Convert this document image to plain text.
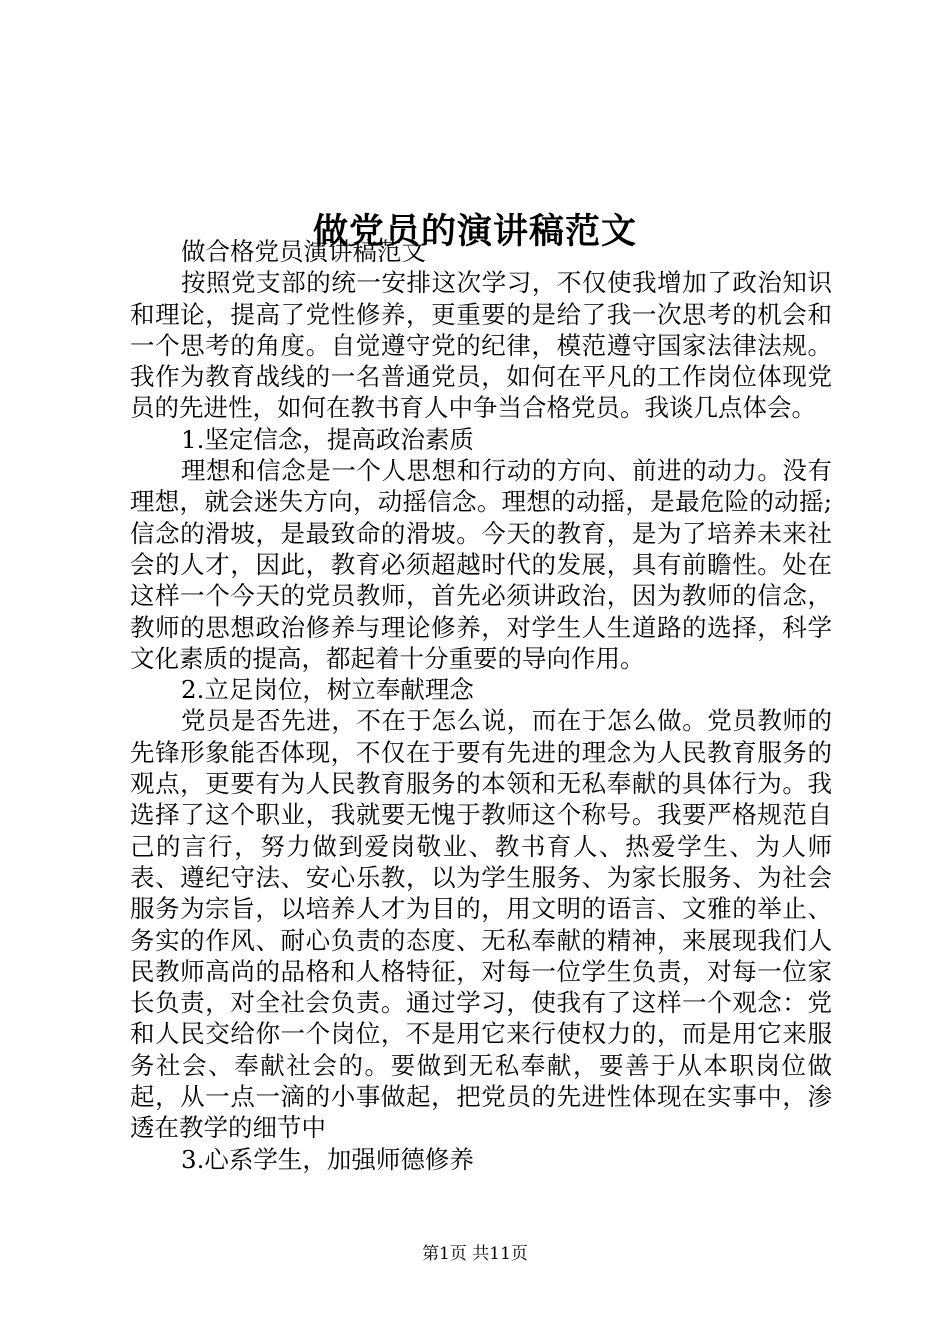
做党员的演讲稿范文

做合格党员演讲稿范文

按照党支部的统一安排这次学习，不仅使我增加了政治知识和理论，提高了党性修养，更重要的是给了我一次思考的机会和一个思考的角度。自觉遵守党的纪律，模范遵守国家法律法规。我作为教育战线的一名普通党员，如何在平凡的工作岗位体现党员的先进性，如何在教书育人中争当合格党员。我谈几点体会。

1.坚定信念，提高政治素质

理想和信念是一个人思想和行动的方向、前进的动力。没有理想，就会迷失方向，动摇信念。理想的动摇，是最危险的动摇;信念的滑坡，是最致命的滑坡。今天的教育，是为了培养未来社会的人才，因此，教育必须超越时代的发展，具有前瞻性。处在这样一个今天的党员教师，首先必须讲政治，因为教师的信念，教师的思想政治修养与理论修养，对学生人生道路的选择，科学文化素质的提高，都起着十分重要的导向作用。

2.立足岗位，树立奉献理念

党员是否先进，不在于怎么说，而在于怎么做。党员教师的先锋形象能否体现，不仅在于要有先进的理念为人民教育服务的观点，更要有为人民教育服务的本领和无私奉献的具体行为。我选择了这个职业，我就要无愧于教师这个称号。我要严格规范自己的言行，努力做到爱岗敬业、教书育人、热爱学生、为人师表、遵纪守法、安心乐教，以为学生服务、为家长服务、为社会服务为宗旨，以培养人才为目的，用文明的语言、文雅的举止、务实的作风、耐心负责的态度、无私奉献的精神，来展现我们人民教师高尚的品格和人格特征，对每一位学生负责，对每一位家长负责，对全社会负责。通过学习，使我有了这样一个观念：党和人民交给你一个岗位，不是用它来行使权力的，而是用它来服务社会、奉献社会的。要做到无私奉献，要善于从本职岗位做起，从一点一滴的小事做起，把党员的先进性体现在实事中，渗透在教学的细节中

3.心系学生，加强师德修养

第1页 共11页
